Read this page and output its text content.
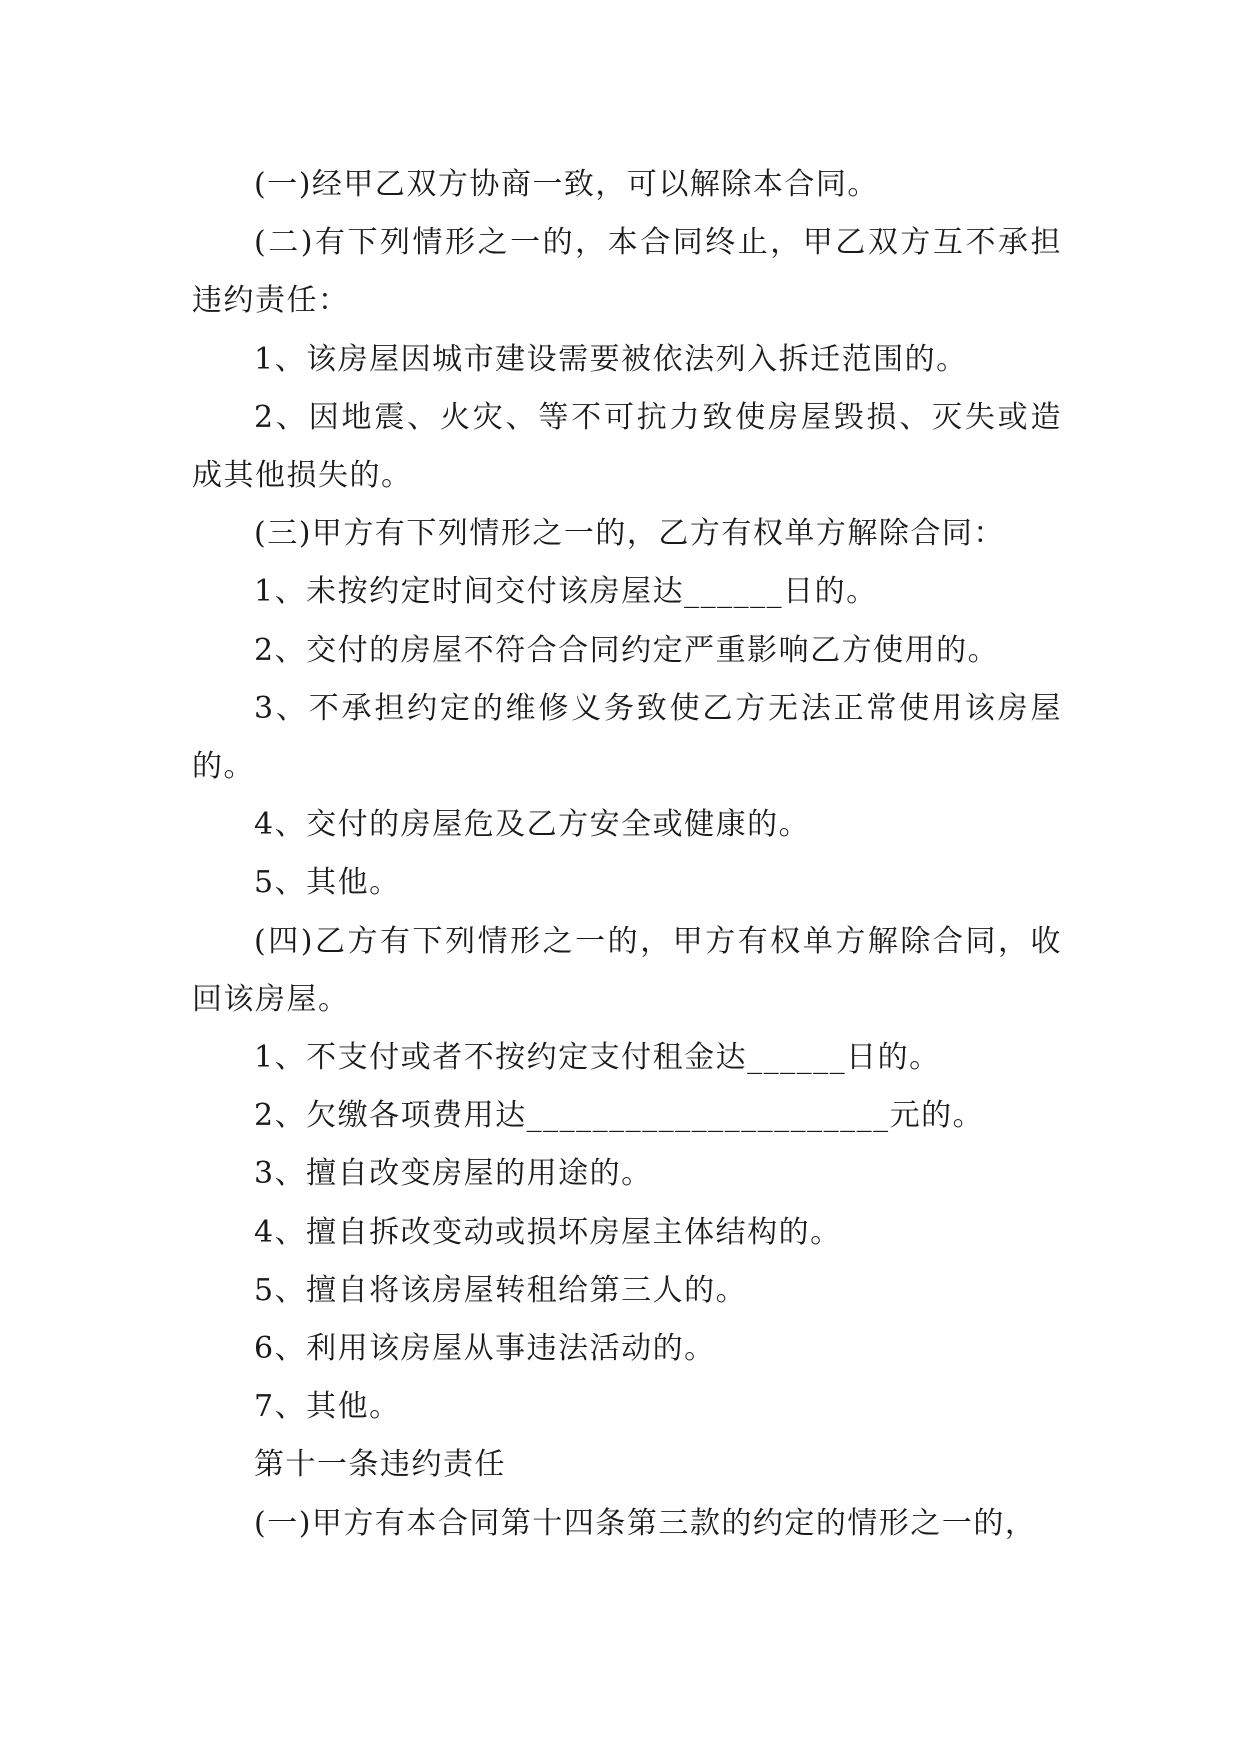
(一)经甲乙双方协商一致，可以解除本合同。

(二)有下列情形之一的，本合同终止，甲乙双方互不承担违约责任：

1、该房屋因城市建设需要被依法列入拆迁范围的。

2、因地震、火灾、等不可抗力致使房屋毁损、灭失或造成其他损失的。

(三)甲方有下列情形之一的，乙方有权单方解除合同：

1、未按约定时间交付该房屋达______日的。

2、交付的房屋不符合合同约定严重影响乙方使用的。

3、不承担约定的维修义务致使乙方无法正常使用该房屋的。

4、交付的房屋危及乙方安全或健康的。

5、其他。

(四)乙方有下列情形之一的，甲方有权单方解除合同，收回该房屋。

1、不支付或者不按约定支付租金达______日的。

2、欠缴各项费用达______________________元的。

3、擅自改变房屋的用途的。

4、擅自拆改变动或损坏房屋主体结构的。

5、擅自将该房屋转租给第三人的。

6、利用该房屋从事违法活动的。

7、其他。

第十一条违约责任

(一)甲方有本合同第十四条第三款的约定的情形之一的，
